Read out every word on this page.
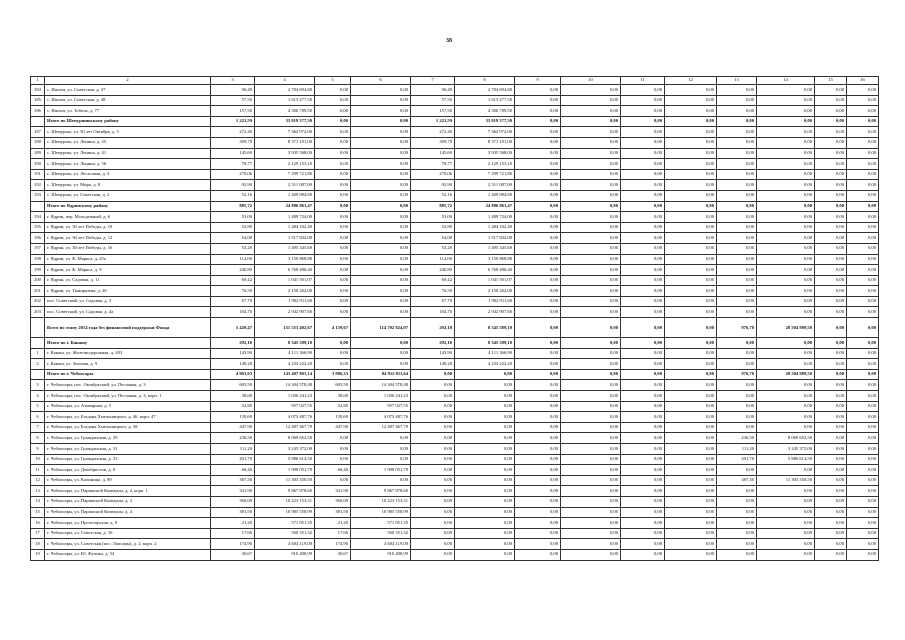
38
1	2	3	4	5	6	7	8	9	10	11	12	13	14	15	16
184	с. Ишлеи, ул. Советская, д. 37	96,40	2 704 694,80	0,00	0,00	96,40	2 704 694,80	0,00	0,00	0,00	0,00	0,00	0,00	0,00	0,00
185	с. Ишлеи, ул. Советская, д. 48	57,50	1 613 277,50	0,00	0,00	57,50	1 613 277,50	0,00	0,00	0,00	0,00	0,00	0,00	0,00	0,00
186	с. Ишлеи, ул. Тобоча, д. 77	157,50	4 306 789,50	0,00	0,00	157,50	4 306 789,50	0,00	0,00	0,00	0,00	0,00	0,00	0,00	0,00
	Итого по Шемуршинскому району	1 221,59	33 019 577,30	0,00	0,00	1 221,59	33 019 577,30	0,00	0,00	0,00	0,00	0,00	0,00	0,00	0,00
187	с. Шемурша, ул. 50 лет Октября, д. 5	272,40	7 362 972,00	0,00	0,00	272,40	7 362 972,00	0,00	0,00	0,00	0,00	0,00	0,00	0,00	0,00
188	с. Шемурша, ул. Ленина, д. 25	309,70	8 371 191,00	0,00	0,00	309,70	8 371 191,00	0,00	0,00	0,00	0,00	0,00	0,00	0,00	0,00
189	с. Шемурша, ул. Ленина, д. 41	145,60	3 935 568,00	0,00	0,00	145,60	3 935 568,00	0,00	0,00	0,00	0,00	0,00	0,00	0,00	0,00
190	с. Шемурша, ул. Ленина, д. 56	78,77	2 129 153,10	0,00	0,00	78,77	2 129 153,10	0,00	0,00	0,00	0,00	0,00	0,00	0,00	0,00
191	с. Шемурша, ул. Лесхозная, д. 4	270,06	7 299 721,80	0,00	0,00	270,06	7 299 721,80	0,00	0,00	0,00	0,00	0,00	0,00	0,00	0,00
192	с. Шемурша, ул. Мира, д. 8	92,90	2 511 087,00	0,00	0,00	92,90	2 511 087,00	0,00	0,00	0,00	0,00	0,00	0,00	0,00	0,00
193	с. Шемурша, ул. Советская, д. 2	52,16	1 409 884,80	0,00	0,00	52,16	1 409 884,80	0,00	0,00	0,00	0,00	0,00	0,00	0,00	0,00
	Итого по Ядринскому району	885,72	24 886 861,47	0,00	0,00	885,72	24 886 861,47	0,00	0,00	0,00	0,00	0,00	0,00	0,00	0,00
194	г. Ядрин, пер. Молодежный, д. 6	53,00	1 489 724,00	0,00	0,00	53,00	1 489 724,00	0,00	0,00	0,00	0,00	0,00	0,00	0,00	0,00
195	г. Ядрин, ул. 30 лет Победы, д. 10	52,80	1 484 102,40	0,00	0,00	52,80	1 484 102,40	0,00	0,00	0,00	0,00	0,00	0,00	0,00	0,00
196	г. Ядрин, ул. 30 лет Победы, д. 12	54,00	1 517 832,00	0,00	0,00	54,00	1 517 832,00	0,00	0,00	0,00	0,00	0,00	0,00	0,00	0,00
197	г. Ядрин, ул. 30 лет Победы, д. 16	53,20	1 495 345,60	0,00	0,00	53,20	1 495 345,60	0,00	0,00	0,00	0,00	0,00	0,00	0,00	0,00
198	г. Ядрин, ул. К. Маркса, д. 25а	112,00	3 150 868,80	0,00	0,00	112,00	3 150 868,80	0,00	0,00	0,00	0,00	0,00	0,00	0,00	0,00
199	г. Ядрин, ул. К. Маркса, д. 9	240,80	6 768 496,40	0,00	0,00	240,80	6 768 496,40	0,00	0,00	0,00	0,00	0,00	0,00	0,00	0,00
200	г. Ядрин, ул. Садовая, д. 11	69,42	1 941 501,07	0,00	0,00	69,42	1 941 501,07	0,00	0,00	0,00	0,00	0,00	0,00	0,00	0,00
201	г. Ядрин, ул. Тимирязева, д. 26	76,50	2 150 262,00	0,00	0,00	76,50	2 150 262,00	0,00	0,00	0,00	0,00	0,00	0,00	0,00	0,00
202	пос. Советский, ул. Садовая, д. 3	67,70	1 902 911,60	0,00	0,00	67,70	1 902 911,60	0,00	0,00	0,00	0,00	0,00	0,00	0,00	0,00
203	пос. Советский, ул. Садовая, д. 4а	104,70	2 942 907,60	0,00	0,00	104,70	2 942 907,60	0,00	0,00	0,00	0,00	0,00	0,00	0,00	0,00
	Всего по этапу 2014 года без финансовой поддержки Фонда	5 428,47	151 553 402,67	4 159,67	114 702 824,07	292,10	8 345 589,10	0,00	0,00	0,00	0,00	976,70	28 504 989,50	0,00	0,00
	Итого по г. Канашу	292,10	8 345 589,10	0,00	0,00	292,10	8 345 589,10	0,00	0,00	0,00	0,00	0,00	0,00	0,00	0,00
1	г. Канаш, ул. Железнодорожная, д. 203	143,90	4 111 366,90	0,00	0,00	143,90	4 111 366,90	0,00	0,00	0,00	0,00	0,00	0,00	0,00	0,00
2	г. Канаш, ул. Зеленая, д. 9	148,20	4 234 222,20	0,00	0,00	148,20	4 234 222,20	0,00	0,00	0,00	0,00	0,00	0,00	0,00	0,00
	Итого по г. Чебоксары	4 963,03	143 487 801,14	3 986,33	84 912 811,64	0,00	0,00	0,00	0,00	0,00	0,00	976,70	28 504 989,50	0,00	0,00
3	г. Чебоксары, пос. Октябрьский, ул. Песчаная, д. 3	605,50	14 304 578,48	605,50	14 304 578,48	0,00	0,00	0,00	0,00	0,00	0,00	0,00	0,00	0,00	0,00
4	г. Чебоксары, пос. Октябрьский, ул. Песчаная, д. 3, корп. 1	38,60	1 036 241,23	38,60	1 036 241,23	0,00	0,00	0,00	0,00	0,00	0,00	0,00	0,00	0,00	0,00
5	г. Чебоксары, ул. Азинарная, д. 5	32,80	957 027,55	32,80	957 027,55	0,00	0,00	0,00	0,00	0,00	0,00	0,00	0,00	0,00	0,00
6	г. Чебоксары, ул. Богдана Хмельницкого, д. 46, корп. 47	139,60	4 073 487,76	139,60	4 073 487,76	0,00	0,00	0,00	0,00	0,00	0,00	0,00	0,00	0,00	0,00
7	г. Чебоксары, ул. Богдана Хмельницкого, д. 58	447,90	12 497 467,79	447,90	12 497 467,79	0,00	0,00	0,00	0,00	0,00	0,00	0,00	0,00	0,00	0,00
8	г. Чебоксары, ул. Гражданская, д. 29	236,50	8 069 652,50	0,00	0,00	0,00	0,00	0,00	0,00	0,00	0,00	236,50	8 069 652,50	0,00	0,00
9	г. Чебоксары, ул. Гражданская, д. 31	111,20	3 245 372,00	0,00	0,00	0,00	0,00	0,00	0,00	0,00	0,00	111,20	3 245 372,00	0,00	0,00
10	г. Чебоксары, ул. Гражданская, д. 33	201,70	5 886 614,50	0,00	0,00	0,00	0,00	0,00	0,00	0,00	0,00	201,70	5 886 614,50	0,00	0,00
11	г. Чебоксары, ул. Декабристов, д. 6	68,40	1 998 051,79	68,40	1 998 051,79	0,00	0,00	0,00	0,00	0,00	0,00	0,00	0,00	0,00	0,00
12	г. Чебоксары, ул. Калинина, д. 89	387,30	11 303 350,50	0,00	0,00	0,00	0,00	0,00	0,00	0,00	0,00	387,30	11 303 350,50	0,00	0,00
13	г. Чебоксары, ул. Парижской Коммуны, д. 2, корп. 1	341,90	9 867 978,60	341,90	9 867 978,60	0,00	0,00	0,00	0,00	0,00	0,00	0,00	0,00	0,00	0,00
14	г. Чебоксары, ул. Парижской Коммуны, д. 3	360,00	10 223 153,31	360,00	10 223 153,31	0,00	0,00	0,00	0,00	0,00	0,00	0,00	0,00	0,00	0,00
15	г. Чебоксары, ул. Парижской Коммуны, д. 4	381,50	10 985 558,99	381,50	10 985 558,99	0,00	0,00	0,00	0,00	0,00	0,00	0,00	0,00	0,00	0,00
16	г. Чебоксары, ул. Пролетарская, д. 9	21,20	571 951,35	21,20	571 951,35	0,00	0,00	0,00	0,00	0,00	0,00	0,00	0,00	0,00	0,00
17	г. Чебоксары, ул. Советская, д. 16	17,66	560 351,32	17,66	560 351,32	0,00	0,00	0,00	0,00	0,00	0,00	0,00	0,00	0,00	0,00
18	г. Чебоксары, ул. Советская (пос. Лапсары), д. 2, корп. 2	174,90	4 604 119,08	174,90	4 604 119,08	0,00	0,00	0,00	0,00	0,00	0,00	0,00	0,00	0,00	0,00
19	г. Чебоксары, ул. Ю. Фучика, д. 54	30,67	916 408,99	30,67	916 408,99	0,00	0,00	0,00	0,00	0,00	0,00	0,00	0,00	0,00	0,00
